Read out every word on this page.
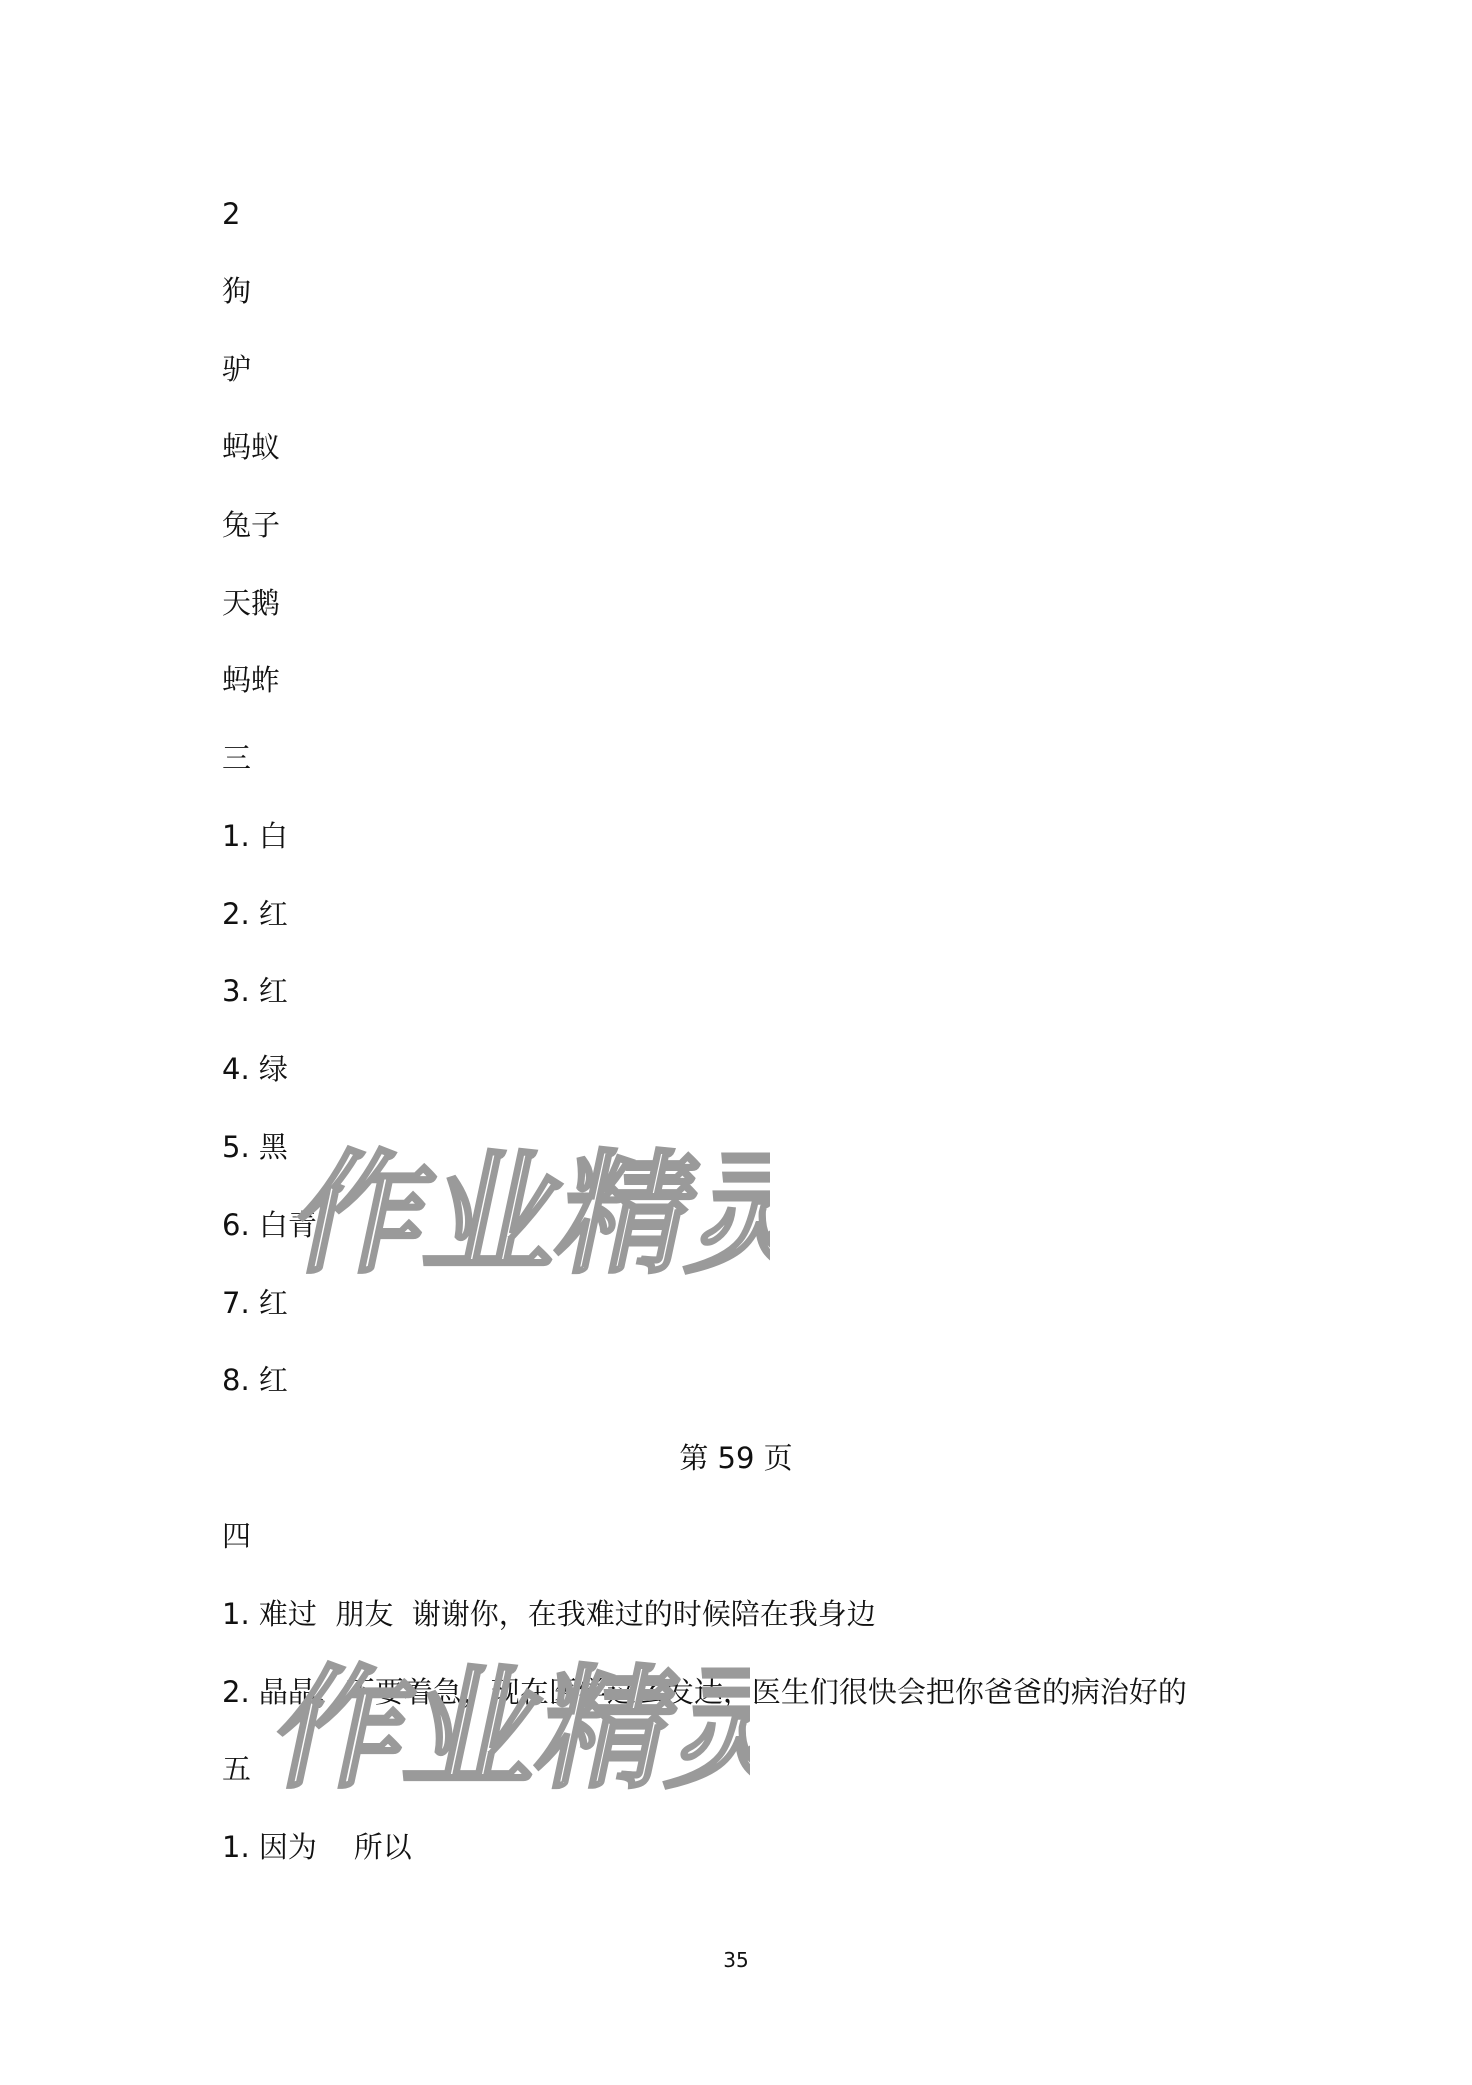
2
狗
驴
蚂蚁
兔子
天鹅
蚂蚱
三
1. 白
2. 红
3. 红
4. 绿
5. 黑
6. 白青
7. 红
8. 红
第 59 页
四
1. 难过  朋友  谢谢你，在我难过的时候陪在我身边
2. 晶晶，不要着急，现在医学这么发达，医生们很快会把你爸爸的病治好的
五
1. 因为    所以
作业精灵
作业精灵
35
